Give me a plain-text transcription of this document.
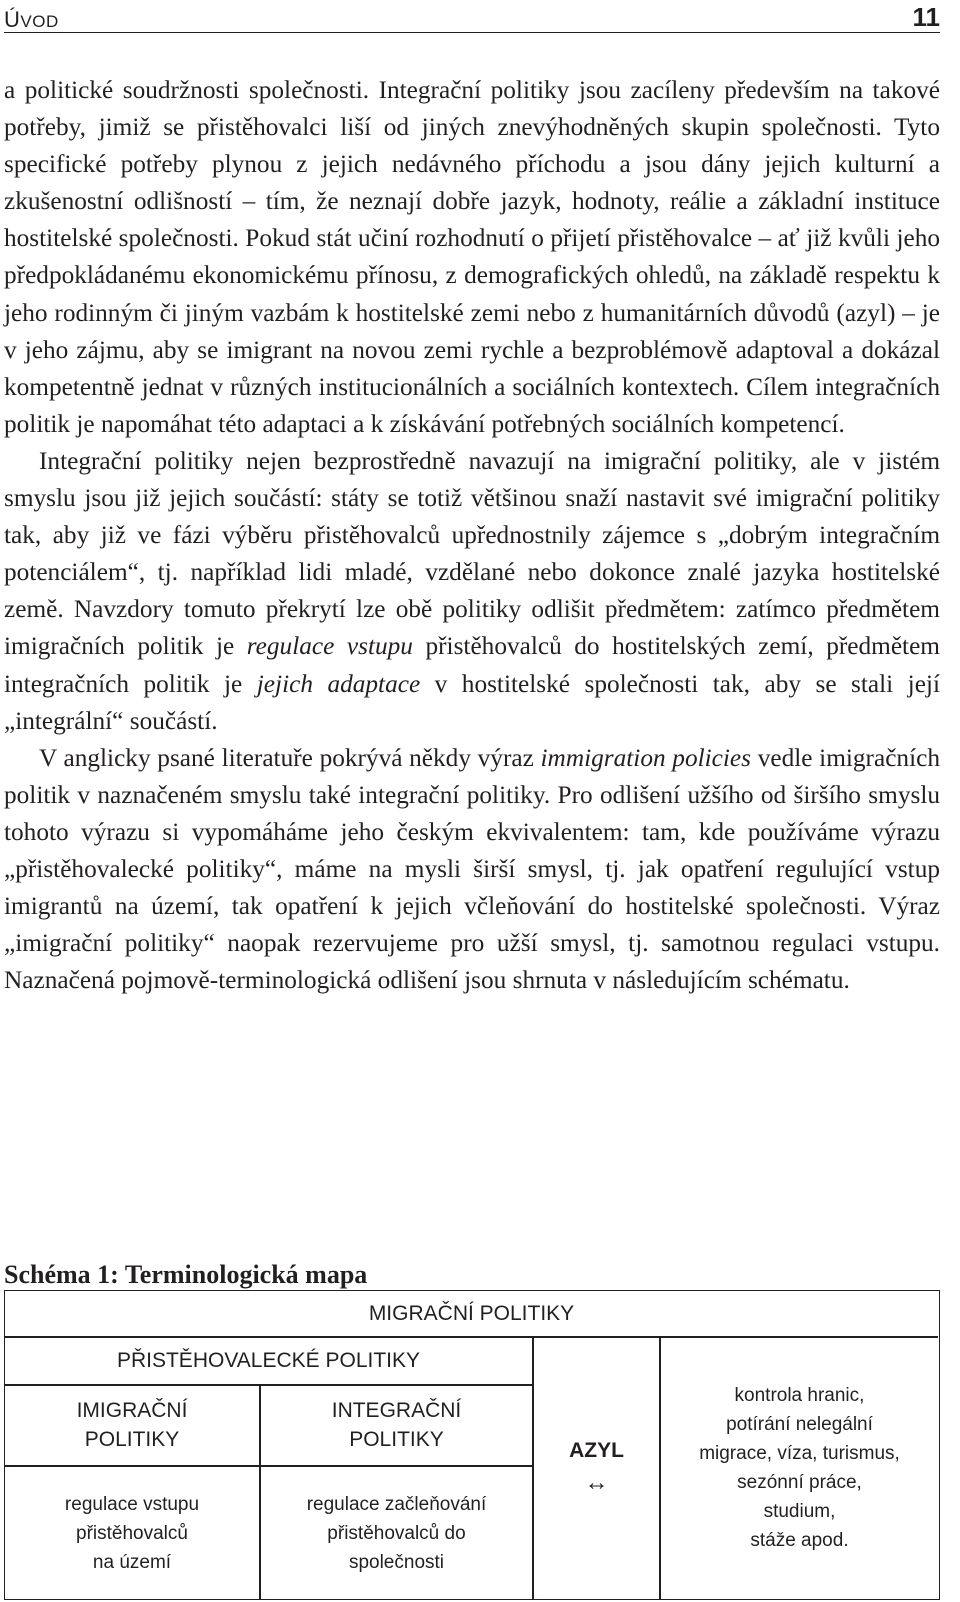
ÚVOD	11

a politické soudržnosti společnosti. Integrační politiky jsou zacíleny především na takové potřeby, jimiž se přistěhovalci liší od jiných znevýhodněných skupin společnosti. Tyto specifické potřeby plynou z jejich nedávného příchodu a jsou dány jejich kulturní a zkušenostní odlišností – tím, že neznají dobře jazyk, hodnoty, reálie a základní instituce hostitelské společnosti. Pokud stát učiní rozhodnutí o přijetí přistěhovalce – ať již kvůli jeho předpokládanému ekonomickému přínosu, z demografických ohledů, na základě respektu k jeho rodinným či jiným vazbám k hostitelské zemi nebo z humanitárních důvodů (azyl) – je v jeho zájmu, aby se imigrant na novou zemi rychle a bezproblémově adaptoval a dokázal kompetentně jednat v různých institucionálních a sociálních kontextech. Cílem integračních politik je napomáhat této adaptaci a k získávání potřebných sociálních kompetencí.

Integrační politiky nejen bezprostředně navazují na imigrační politiky, ale v jistém smyslu jsou již jejich součástí: státy se totiž většinou snaží nastavit své imigrační politiky tak, aby již ve fázi výběru přistěhovalců upřednostnily zájemce s „dobrým integračním potenciálem“, tj. například lidi mladé, vzdělané nebo dokonce znalé jazyka hostitelské země. Navzdory tomuto překrytí lze obě politiky odlišit předmětem: zatímco předmětem imigračních politik je regulace vstupu přistěhovalců do hostitelských zemí, předmětem integračních politik je jejich adaptace v hostitelské společnosti tak, aby se stali její „integrální“ součástí.

V anglicky psané literatuře pokrývá někdy výraz immigration policies vedle imigračních politik v naznačeném smyslu také integrační politiky. Pro odlišení užšího od širšího smyslu tohoto výrazu si vypomáháme jeho českým ekvivalentem: tam, kde používáme výrazu „přistěhovalecké politiky“, máme na mysli širší smysl, tj. jak opatření regulující vstup imigrantů na území, tak opatření k jejich včleňování do hostitelské společnosti. Výraz „imigrační politiky“ naopak rezervujeme pro užší smysl, tj. samotnou regulaci vstupu. Naznačená pojmově-terminologická odlišení jsou shrnuta v následujícím schématu.

Schéma 1: Terminologická mapa
MIGRAČNÍ POLITIKY
PŘISTĚHOVALECKÉ POLITIKY
IMIGRAČNÍ
POLITIKY
INTEGRAČNÍ
POLITIKY
regulace vstupu
přistěhovalců
na území
regulace začleňování
přistěhovalců do
společnosti
AZYL
↔
kontrola hranic,
potírání nelegální
migrace, víza, turismus,
sezónní práce,
studium,
stáže apod.
